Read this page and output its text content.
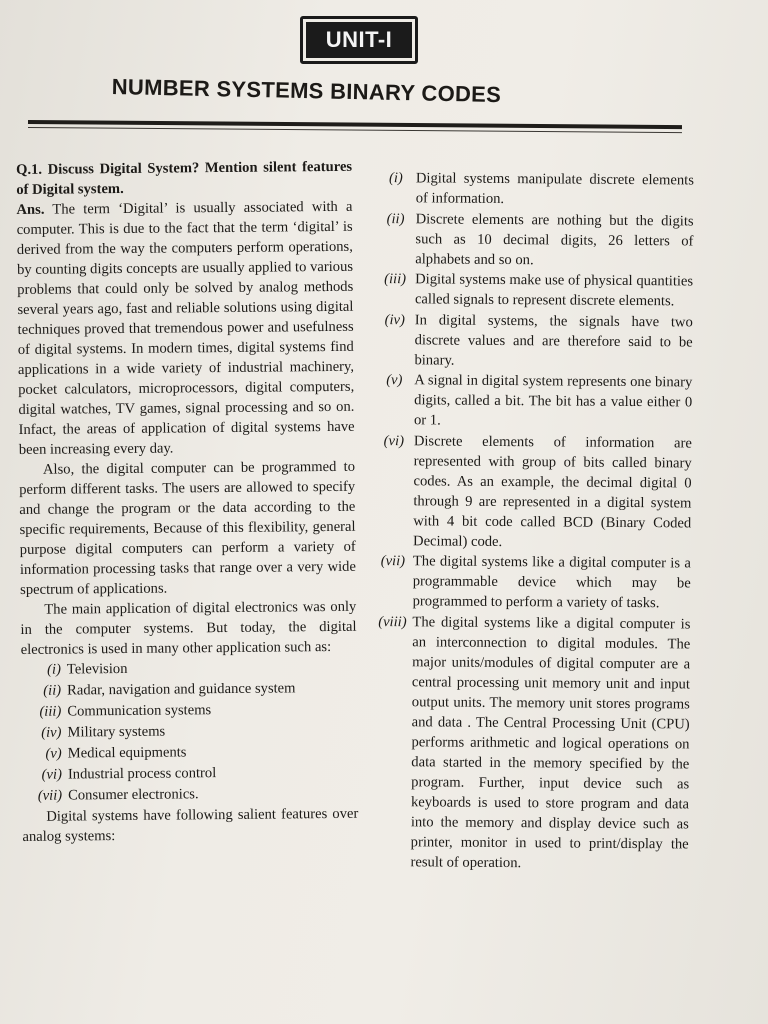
UNIT-I
NUMBER SYSTEMS BINARY CODES

Q.1. Discuss Digital System? Mention silent features of Digital system.

Ans. The term ‘Digital’ is usually associated with a computer. This is due to the fact that the term ‘digital’ is derived from the way the computers perform operations, by counting digits concepts are usually applied to various problems that could only be solved by analog methods several years ago, fast and reliable solutions using digital techniques proved that tremendous power and usefulness of digital systems. In modern times, digital systems find applications in a wide variety of industrial machinery, pocket calculators, microprocessors, digital computers, digital watches, TV games, signal processing and so on. Infact, the areas of application of digital systems have been increasing every day.

Also, the digital computer can be programmed to perform different tasks. The users are allowed to specify and change the program or the data according to the specific requirements, Because of this flexibility, general purpose digital computers can perform a variety of information processing tasks that range over a very wide spectrum of applications.

The main application of digital electronics was only in the computer systems. But today, the digital electronics is used in many other application such as:

(i) Television
(ii) Radar, navigation and guidance system
(iii) Communication systems
(iv) Military systems
(v) Medical equipments
(vi) Industrial process control
(vii) Consumer electronics.

Digital systems have following salient features over analog systems:

(i) Digital systems manipulate discrete elements of information.
(ii) Discrete elements are nothing but the digits such as 10 decimal digits, 26 letters of alphabets and so on.
(iii) Digital systems make use of physical quantities called signals to represent discrete elements.
(iv) In digital systems, the signals have two discrete values and are therefore said to be binary.
(v) A signal in digital system represents one binary digits, called a bit. The bit has a value either 0 or 1.
(vi) Discrete elements of information are represented with group of bits called binary codes. As an example, the decimal digital 0 through 9 are represented in a digital system with 4 bit code called BCD (Binary Coded Decimal) code.
(vii) The digital systems like a digital computer is a programmable device which may be programmed to perform a variety of tasks.
(viii) The digital systems like a digital computer is an interconnection to digital modules. The major units/modules of digital computer are a central processing unit memory unit and input output units. The memory unit stores programs and data . The Central Processing Unit (CPU) performs arithmetic and logical operations on data started in the memory specified by the program. Further, input device such as keyboards is used to store program and data into the memory and display device such as printer, monitor in used to print/display the result of operation.
